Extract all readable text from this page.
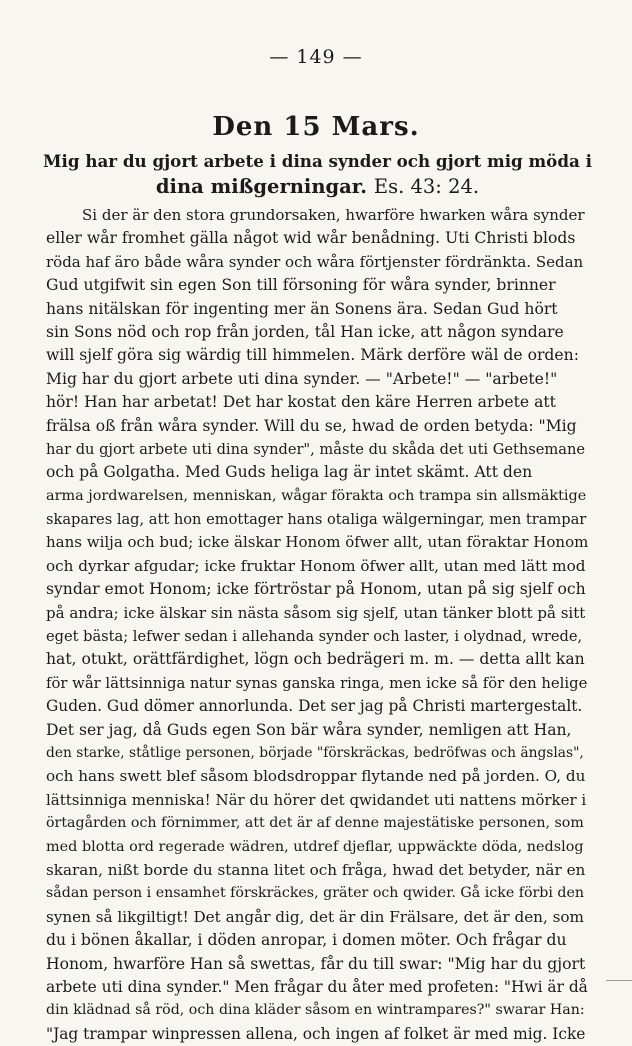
— 149 —
Den 15 Mars.
Mig har du gjort arbete i dina synder och gjort mig möda i
dina mißgerningar. Es. 43: 24.
Si der är den stora grundorsaken, hwarföre hwarken wåra synder
eller wår fromhet gälla något wid wår benådning. Uti Christi blods
röda haf äro både wåra synder och wåra förtjenster fördränkta. Sedan
Gud utgifwit sin egen Son till försoning för wåra synder, brinner
hans nitälskan för ingenting mer än Sonens ära. Sedan Gud hört
sin Sons nöd och rop från jorden, tål Han icke, att någon syndare
will sjelf göra sig wärdig till himmelen. Märk derföre wäl de orden:
Mig har du gjort arbete uti dina synder. — "Arbete!" — "arbete!"
hör! Han har arbetat! Det har kostat den käre Herren arbete att
frälsa oß från wåra synder. Will du se, hwad de orden betyda: "Mig
har du gjort arbete uti dina synder", måste du skåda det uti Gethsemane
och på Golgatha. Med Guds heliga lag är intet skämt. Att den
arma jordwarelsen, menniskan, wågar förakta och trampa sin allsmäktige
skapares lag, att hon emottager hans otaliga wälgerningar, men trampar
hans wilja och bud; icke älskar Honom öfwer allt, utan föraktar Honom
och dyrkar afgudar; icke fruktar Honom öfwer allt, utan med lätt mod
syndar emot Honom; icke förtröstar på Honom, utan på sig sjelf och
på andra; icke älskar sin nästa såsom sig sjelf, utan tänker blott på sitt
eget bästa; lefwer sedan i allehanda synder och laster, i olydnad, wrede,
hat, otukt, orättfärdighet, lögn och bedrägeri m. m. — detta allt kan
för wår lättsinniga natur synas ganska ringa, men icke så för den helige
Guden. Gud dömer annorlunda. Det ser jag på Christi martergestalt.
Det ser jag, då Guds egen Son bär wåra synder, nemligen att Han,
den starke, ståtlige personen, började "förskräckas, bedröfwas och ängslas",
och hans swett blef såsom blodsdroppar flytande ned på jorden. O, du
lättsinniga menniska! När du hörer det qwidandet uti nattens mörker i
örtagården och förnimmer, att det är af denne majestätiske personen, som
med blotta ord regerade wädren, utdref djeflar, uppwäckte döda, nedslog
skaran, nißt borde du stanna litet och fråga, hwad det betyder, när en
sådan person i ensamhet förskräckes, gräter och qwider. Gå icke förbi den
synen så likgiltigt! Det angår dig, det är din Frälsare, det är den, som
du i bönen åkallar, i döden anropar, i domen möter. Och frågar du
Honom, hwarföre Han så swettas, får du till swar: "Mig har du gjort
arbete uti dina synder." Men frågar du åter med profeten: "Hwi är då
din klädnad så röd, och dina kläder såsom en wintrampares?" swarar Han:
"Jag trampar winpressen allena, och ingen af folket är med mig. Icke
